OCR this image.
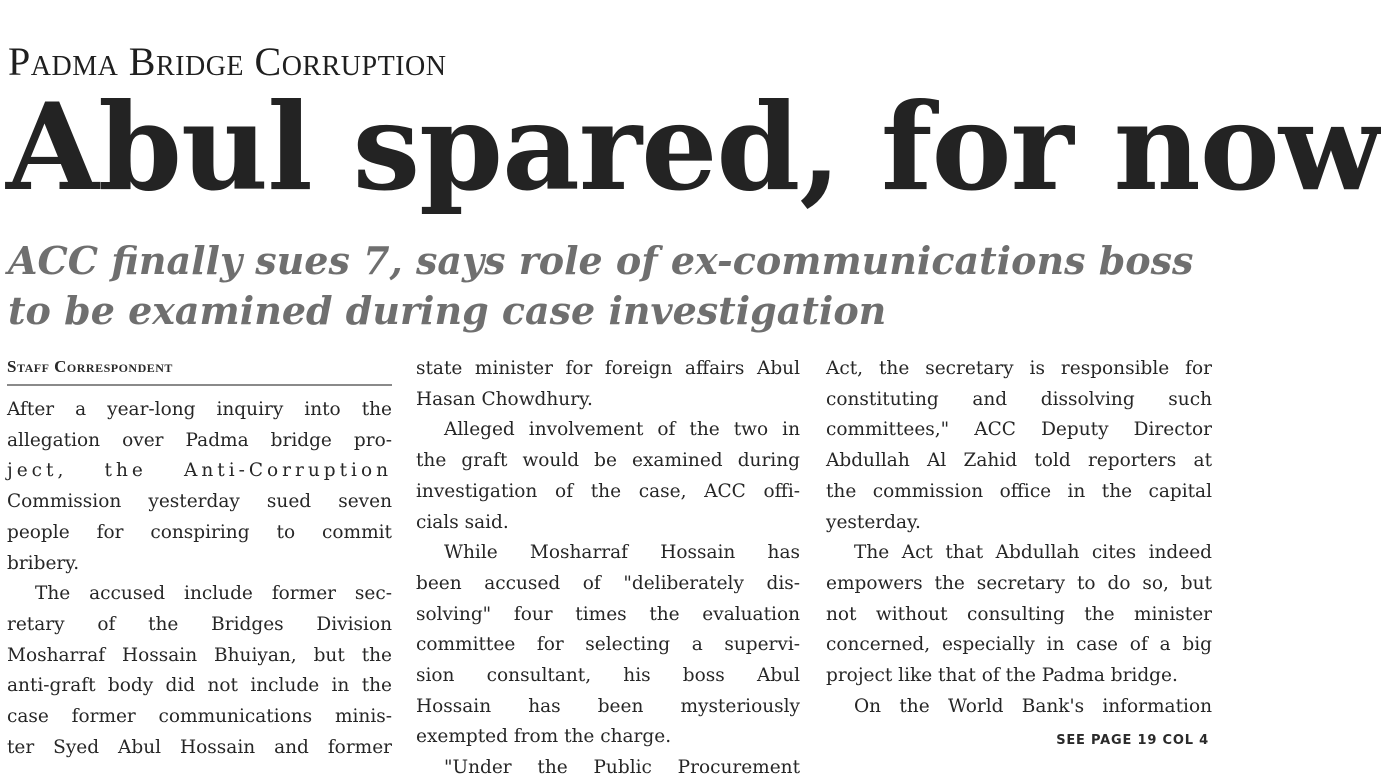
Padma Bridge Corruption
Abul spared, for now
ACC finally sues 7, says role of ex-communications boss
to be examined during case investigation
Staff Correspondent
After a year-long inquiry into the
allegation over Padma bridge pro-
ject, the Anti-Corruption
Commission yesterday sued seven
people for conspiring to commit
bribery.
The accused include former sec-
retary of the Bridges Division
Mosharraf Hossain Bhuiyan, but the
anti-graft body did not include in the
case former communications minis-
ter Syed Abul Hossain and former
state minister for foreign affairs Abul
Hasan Chowdhury.
Alleged involvement of the two in
the graft would be examined during
investigation of the case, ACC offi-
cials said.
While Mosharraf Hossain has
been accused of "deliberately dis-
solving" four times the evaluation
committee for selecting a supervi-
sion consultant, his boss Abul
Hossain has been mysteriously
exempted from the charge.
"Under the Public Procurement
Act, the secretary is responsible for
constituting and dissolving such
committees," ACC Deputy Director
Abdullah Al Zahid told reporters at
the commission office in the capital
yesterday.
The Act that Abdullah cites indeed
empowers the secretary to do so, but
not without consulting the minister
concerned, especially in case of a big
project like that of the Padma bridge.
On the World Bank's information
SEE PAGE 19 COL 4
